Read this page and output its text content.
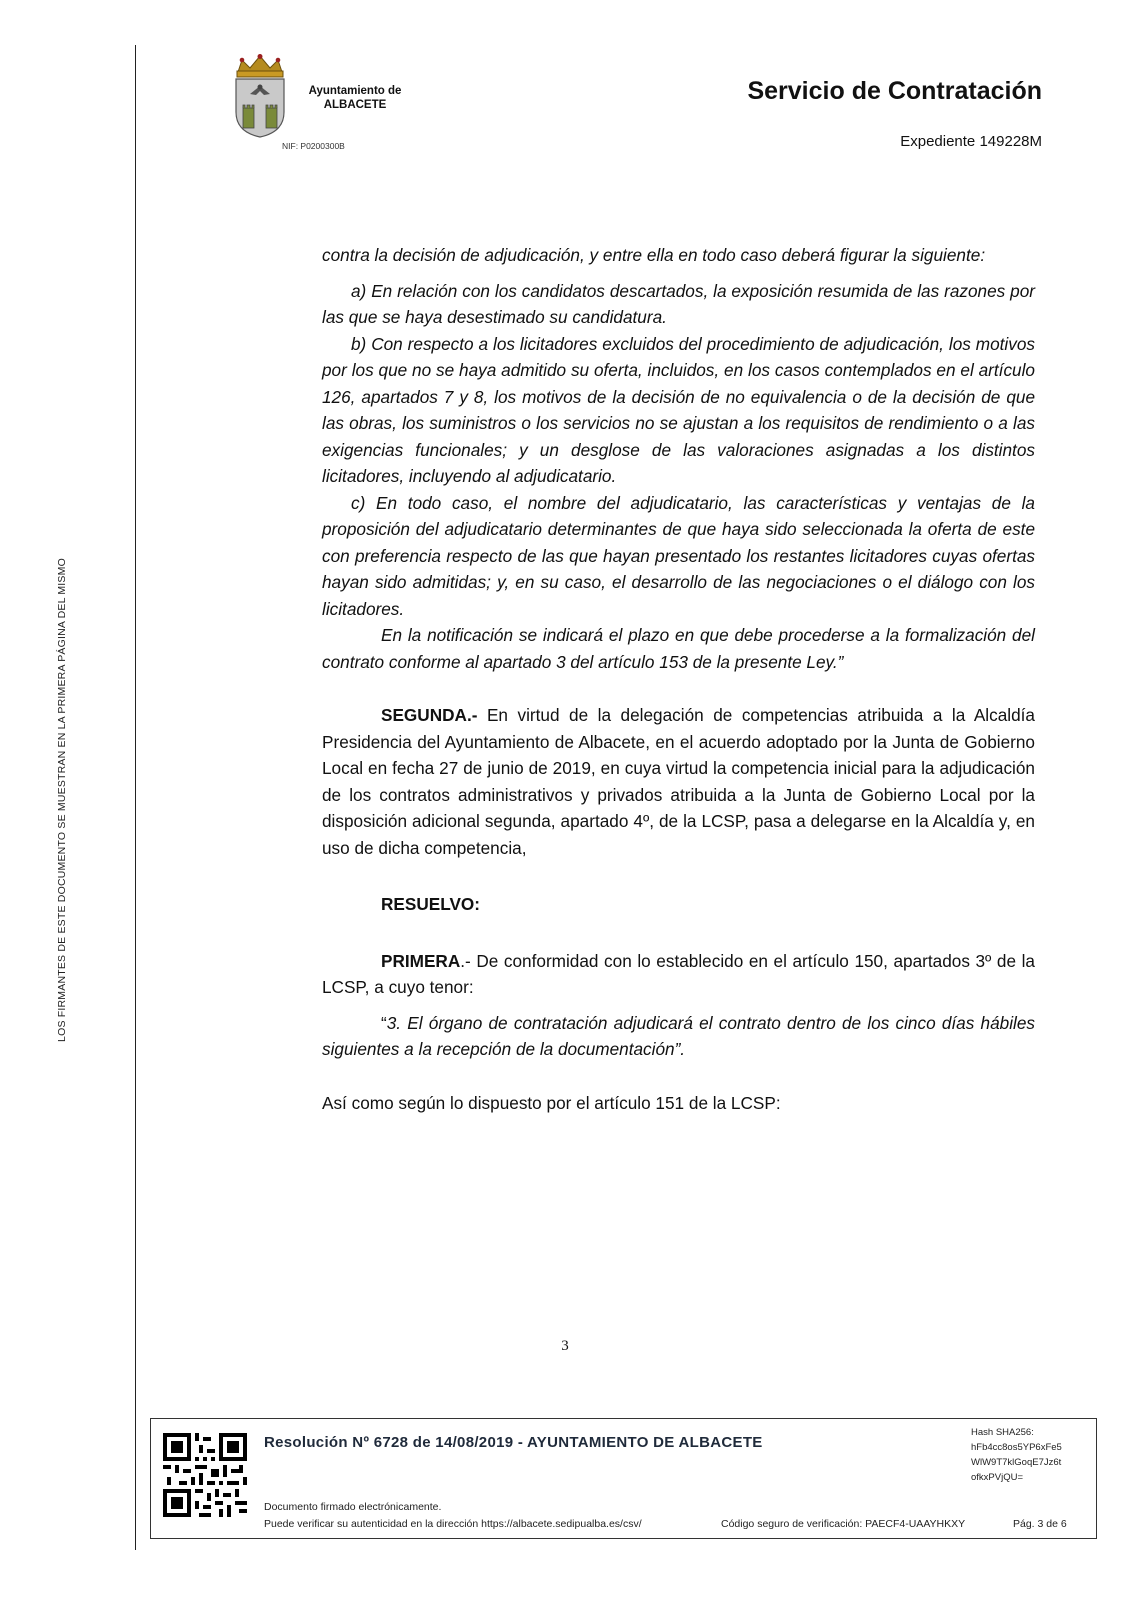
LOS FIRMANTES DE ESTE DOCUMENTO SE MUESTRAN EN LA PRIMERA PÁGINA DEL MISMO
Ayuntamiento de
ALBACETE
NIF: P0200300B
Servicio de Contratación
Expediente 149228M

contra la decisión de adjudicación, y entre ella en todo caso deberá figurar la siguiente:

a) En relación con los candidatos descartados, la exposición resumida de las razones por las que se haya desestimado su candidatura.

b) Con respecto a los licitadores excluidos del procedimiento de adjudicación, los motivos por los que no se haya admitido su oferta, incluidos, en los casos contemplados en el artículo 126, apartados 7 y 8, los motivos de la decisión de no equivalencia o de la decisión de que las obras, los suministros o los servicios no se ajustan a los requisitos de rendimiento o a las exigencias funcionales; y un desglose de las valoraciones asignadas a los distintos licitadores, incluyendo al adjudicatario.

c) En todo caso, el nombre del adjudicatario, las características y ventajas de la proposición del adjudicatario determinantes de que haya sido seleccionada la oferta de este con preferencia respecto de las que hayan presentado los restantes licitadores cuyas ofertas hayan sido admitidas; y, en su caso, el desarrollo de las negociaciones o el diálogo con los licitadores.

En la notificación se indicará el plazo en que debe procederse a la formalización del contrato conforme al apartado 3 del artículo 153 de la presente Ley.”

SEGUNDA.- En virtud de la delegación de competencias atribuida a la Alcaldía Presidencia del Ayuntamiento de Albacete, en el acuerdo adoptado por la Junta de Gobierno Local en fecha 27 de junio de 2019, en cuya virtud la competencia inicial para la adjudicación de los contratos administrativos y privados atribuida a la Junta de Gobierno Local por la disposición adicional segunda, apartado 4º, de la LCSP, pasa a delegarse en la Alcaldía y, en uso de dicha competencia,

RESUELVO:

PRIMERA.- De conformidad con lo establecido en el artículo 150, apartados 3º de la LCSP, a cuyo tenor:

“3. El órgano de contratación adjudicará el contrato dentro de los cinco días hábiles siguientes a la recepción de la documentación”.

Así como según lo dispuesto por el artículo 151 de la LCSP:

3
Resolución Nº 6728 de 14/08/2019 - AYUNTAMIENTO DE ALBACETE
Hash SHA256:
hFb4cc8os5YP6xFe5
WlW9T7klGoqE7Jz6t
ofkxPVjQU=
Documento firmado electrónicamente.
Puede verificar su autenticidad en la dirección https://albacete.sedipualba.es/csv/	Código seguro de verificación: PAECF4-UAAYHKXY	Pág. 3 de 6
